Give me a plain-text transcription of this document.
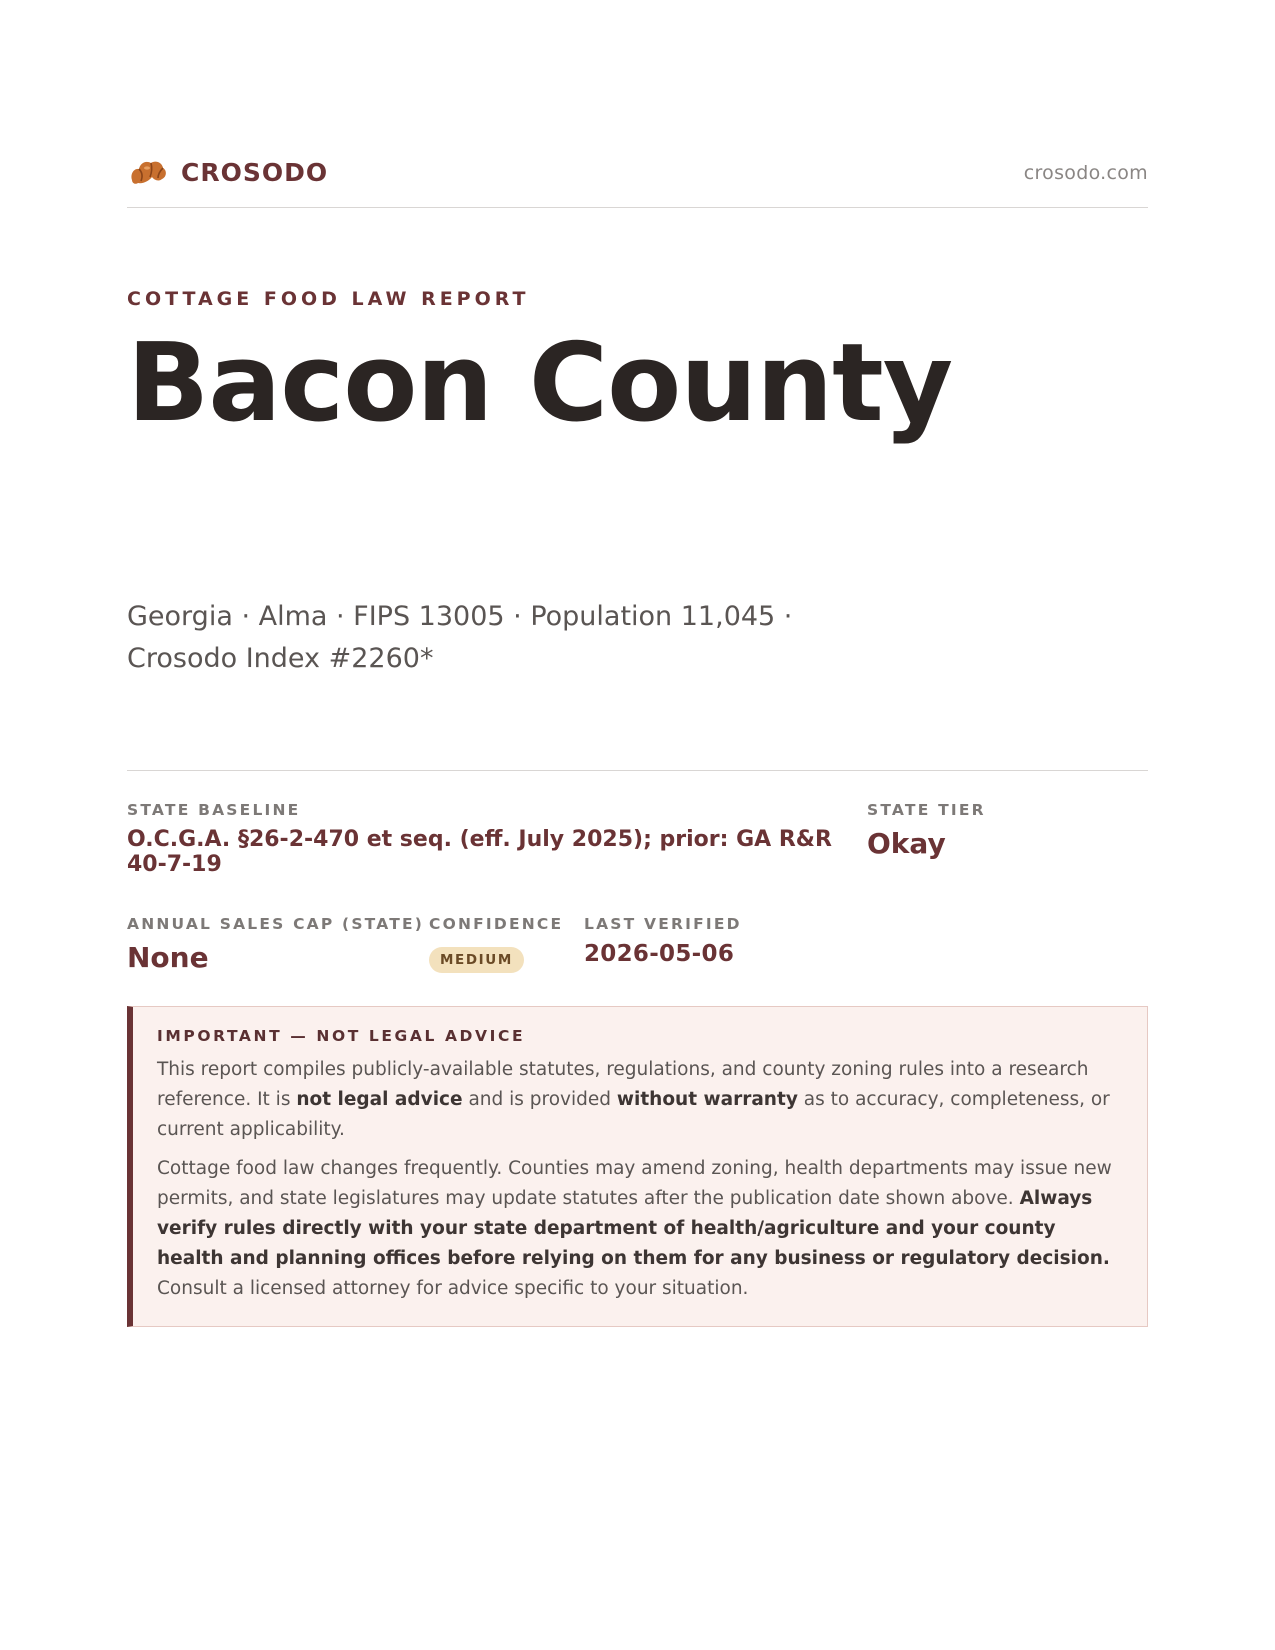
CROSODO	crosodo.com
COTTAGE FOOD LAW REPORT
Bacon County
Georgia · Alma · FIPS 13005 · Population 11,045 · Crosodo Index #2260*
STATE BASELINE
O.C.G.A. §26-2-470 et seq. (eff. July 2025); prior: GA R&R 40-7-19
STATE TIER
Okay
ANNUAL SALES CAP (STATE)
None
CONFIDENCE
MEDIUM
LAST VERIFIED
2026-05-06
IMPORTANT — NOT LEGAL ADVICE

This report compiles publicly-available statutes, regulations, and county zoning rules into a research reference. It is not legal advice and is provided without warranty as to accuracy, completeness, or current applicability.

Cottage food law changes frequently. Counties may amend zoning, health departments may issue new permits, and state legislatures may update statutes after the publication date shown above. Always verify rules directly with your state department of health/agriculture and your county health and planning offices before relying on them for any business or regulatory decision. Consult a licensed attorney for advice specific to your situation.
